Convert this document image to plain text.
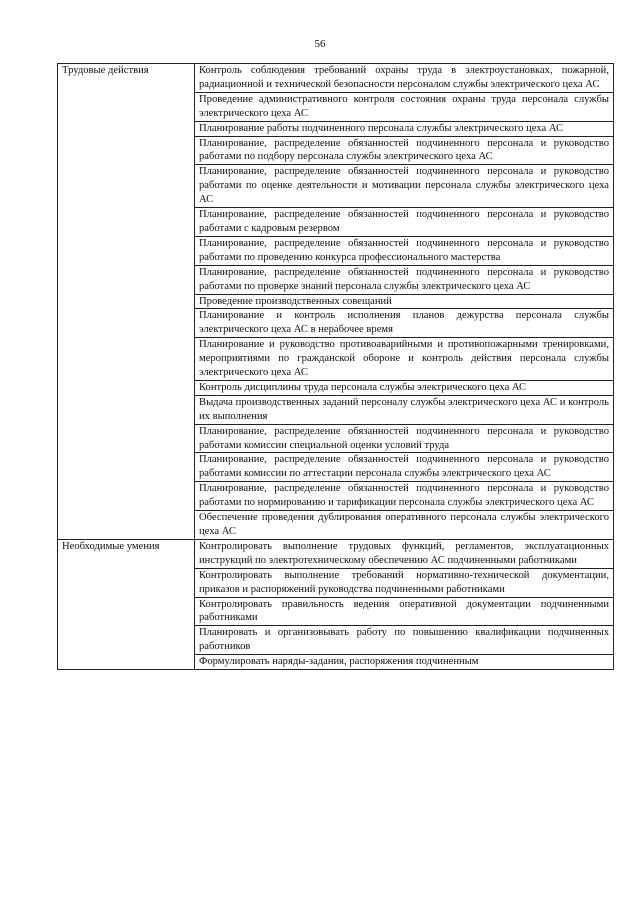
56
Трудовые действия	Контроль соблюдения требований охраны труда в электроустановках, пожарной, радиационной и технической безопасности персоналом службы электрического цеха АС
	Проведение административного контроля состояния охраны труда персонала службы электрического цеха АС
	Планирование работы подчиненного персонала службы электрического цеха АС
	Планирование, распределение обязанностей подчиненного персонала и руководство работами по подбору персонала службы электрического цеха АС
	Планирование, распределение обязанностей подчиненного персонала и руководство работами по оценке деятельности и мотивации персонала службы электрического цеха АС
	Планирование, распределение обязанностей подчиненного персонала и руководство работами с кадровым резервом
	Планирование, распределение обязанностей подчиненного персонала и руководство работами по проведению конкурса профессионального мастерства
	Планирование, распределение обязанностей подчиненного персонала и руководство работами по проверке знаний персонала службы электрического цеха АС
	Проведение производственных совещаний
	Планирование и контроль исполнения планов дежурства персонала службы электрического цеха АС в нерабочее время
	Планирование и руководство противоаварийными и противопожарными тренировками, мероприятиями по гражданской обороне и контроль действия персонала службы электрического цеха АС
	Контроль дисциплины труда персонала службы электрического цеха АС
	Выдача производственных заданий персоналу службы электрического цеха АС и контроль их выполнения
	Планирование, распределение обязанностей подчиненного персонала и руководство работами комиссии специальной оценки условий труда
	Планирование, распределение обязанностей подчиненного персонала и руководство работами комиссии по аттестации персонала службы электрического цеха АС
	Планирование, распределение обязанностей подчиненного персонала и руководство работами по нормированию и тарификации персонала службы электрического цеха АС
	Обеспечение проведения дублирования оперативного персонала службы электрического цеха АС
Необходимые умения	Контролировать выполнение трудовых функций, регламентов, эксплуатационных инструкций по электротехническому обеспечению АС подчиненными работниками
	Контролировать выполнение требований нормативно-технической документации, приказов и распоряжений руководства подчиненными работниками
	Контролировать правильность ведения оперативной документации подчиненными работниками
	Планировать и организовывать работу по повышению квалификации подчиненных работников
	Формулировать наряды-задания, распоряжения подчиненным
